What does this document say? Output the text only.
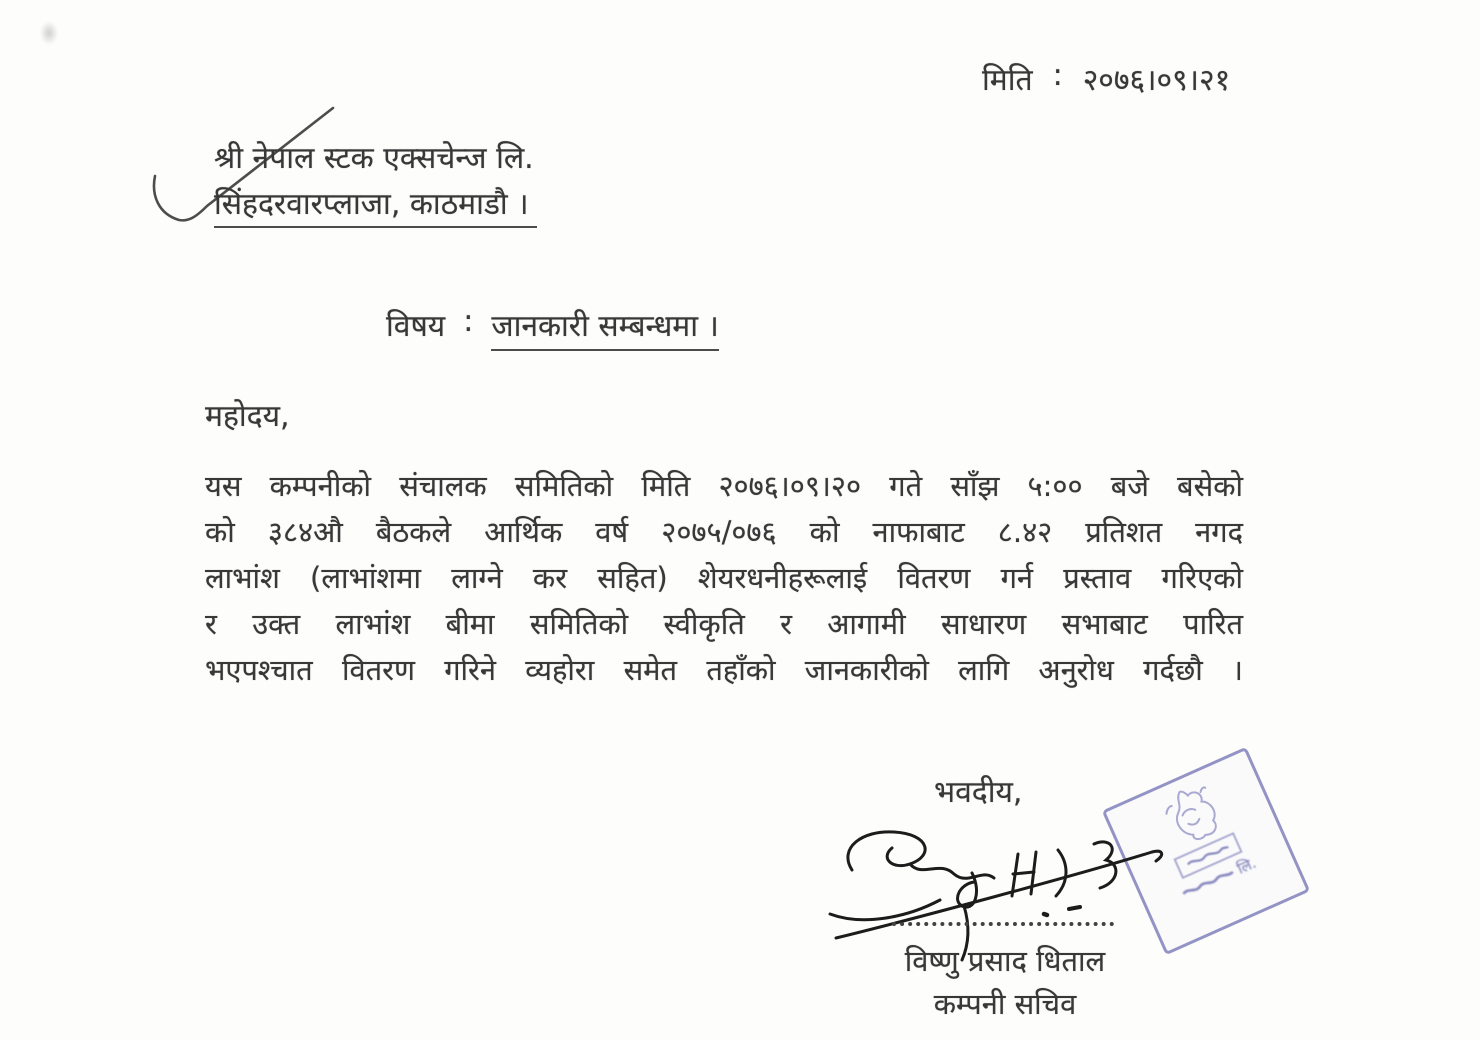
मिति : २०७६।०९।२१
श्री नेपाल स्टक एक्सचेन्ज लि.
सिंहदरवारप्लाजा, काठमाडौ ।
विषय : जानकारी सम्बन्धमा ।
महोदय,
यस कम्पनीको संचालक समितिको मिति २०७६।०९।२० गते साँझ ५:०० बजे बसेको
को ३८४औ बैठकले आर्थिक वर्ष २०७५/०७६ को नाफाबाट ८.४२ प्रतिशत नगद
लाभांश (लाभांशमा लाग्ने कर सहित) शेयरधनीहरूलाई वितरण गर्न प्रस्ताव गरिएको
र उक्त लाभांश बीमा समितिको स्वीकृति र आगामी साधारण सभाबाट पारित
भएपश्चात वितरण गरिने व्यहोरा समेत तहाँको जानकारीको लागि अनुरोध गर्दछौ ।
भवदीय,
लि.
विष्णु प्रसाद धिताल
कम्पनी सचिव
